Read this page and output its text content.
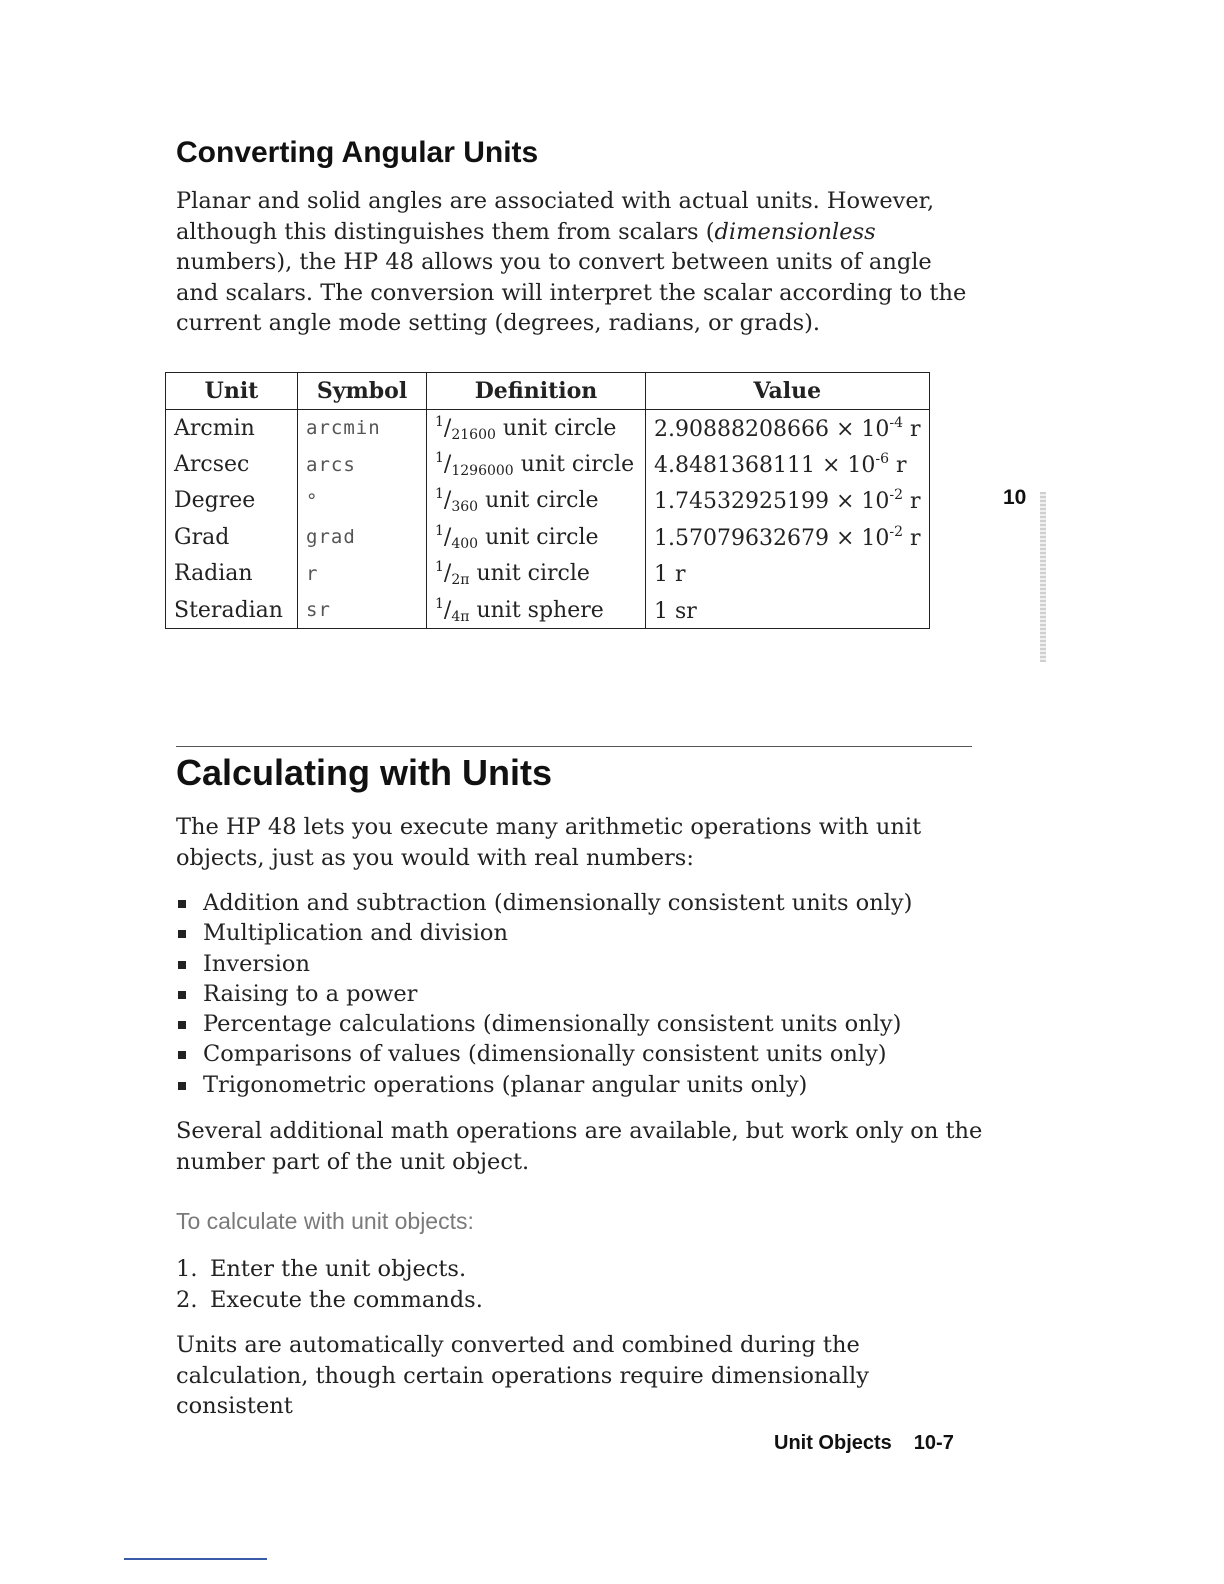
Converting Angular Units

Planar and solid angles are associated with actual units. However, although this distinguishes them from scalars (dimensionless numbers), the HP 48 allows you to convert between units of angle and scalars. The conversion will interpret the scalar according to the current angle mode setting (degrees, radians, or grads).

Unit	Symbol	Definition	Value
Arcmin	arcmin	$^1/_{21600}$ unit circle	$2.90888208666 \times 10^{-4}$ r
Arcsec	arcs	$^1/_{1296000}$ unit circle	$4.8481368111 \times 10^{-6}$ r
Degree	°	$^1/_{360}$ unit circle	$1.74532925199 \times 10^{-2}$ r
Grad	grad	$^1/_{400}$ unit circle	$1.57079632679 \times 10^{-2}$ r
Radian	r	$^1/_{2\pi}$ unit circle	1 r
Steradian	sr	$^1/_{4\pi}$ unit sphere	1 sr
10
Calculating with Units

The HP 48 lets you execute many arithmetic operations with unit objects, just as you would with real numbers:

Addition and subtraction (dimensionally consistent units only)
Multiplication and division
Inversion
Raising to a power
Percentage calculations (dimensionally consistent units only)
Comparisons of values (dimensionally consistent units only)
Trigonometric operations (planar angular units only)

Several additional math operations are available, but work only on the number part of the unit object.

To calculate with unit objects:

1. Enter the unit objects.
2. Execute the commands.

Units are automatically converted and combined during the calculation, though certain operations require dimensionally consistent

Unit Objects 10-7
